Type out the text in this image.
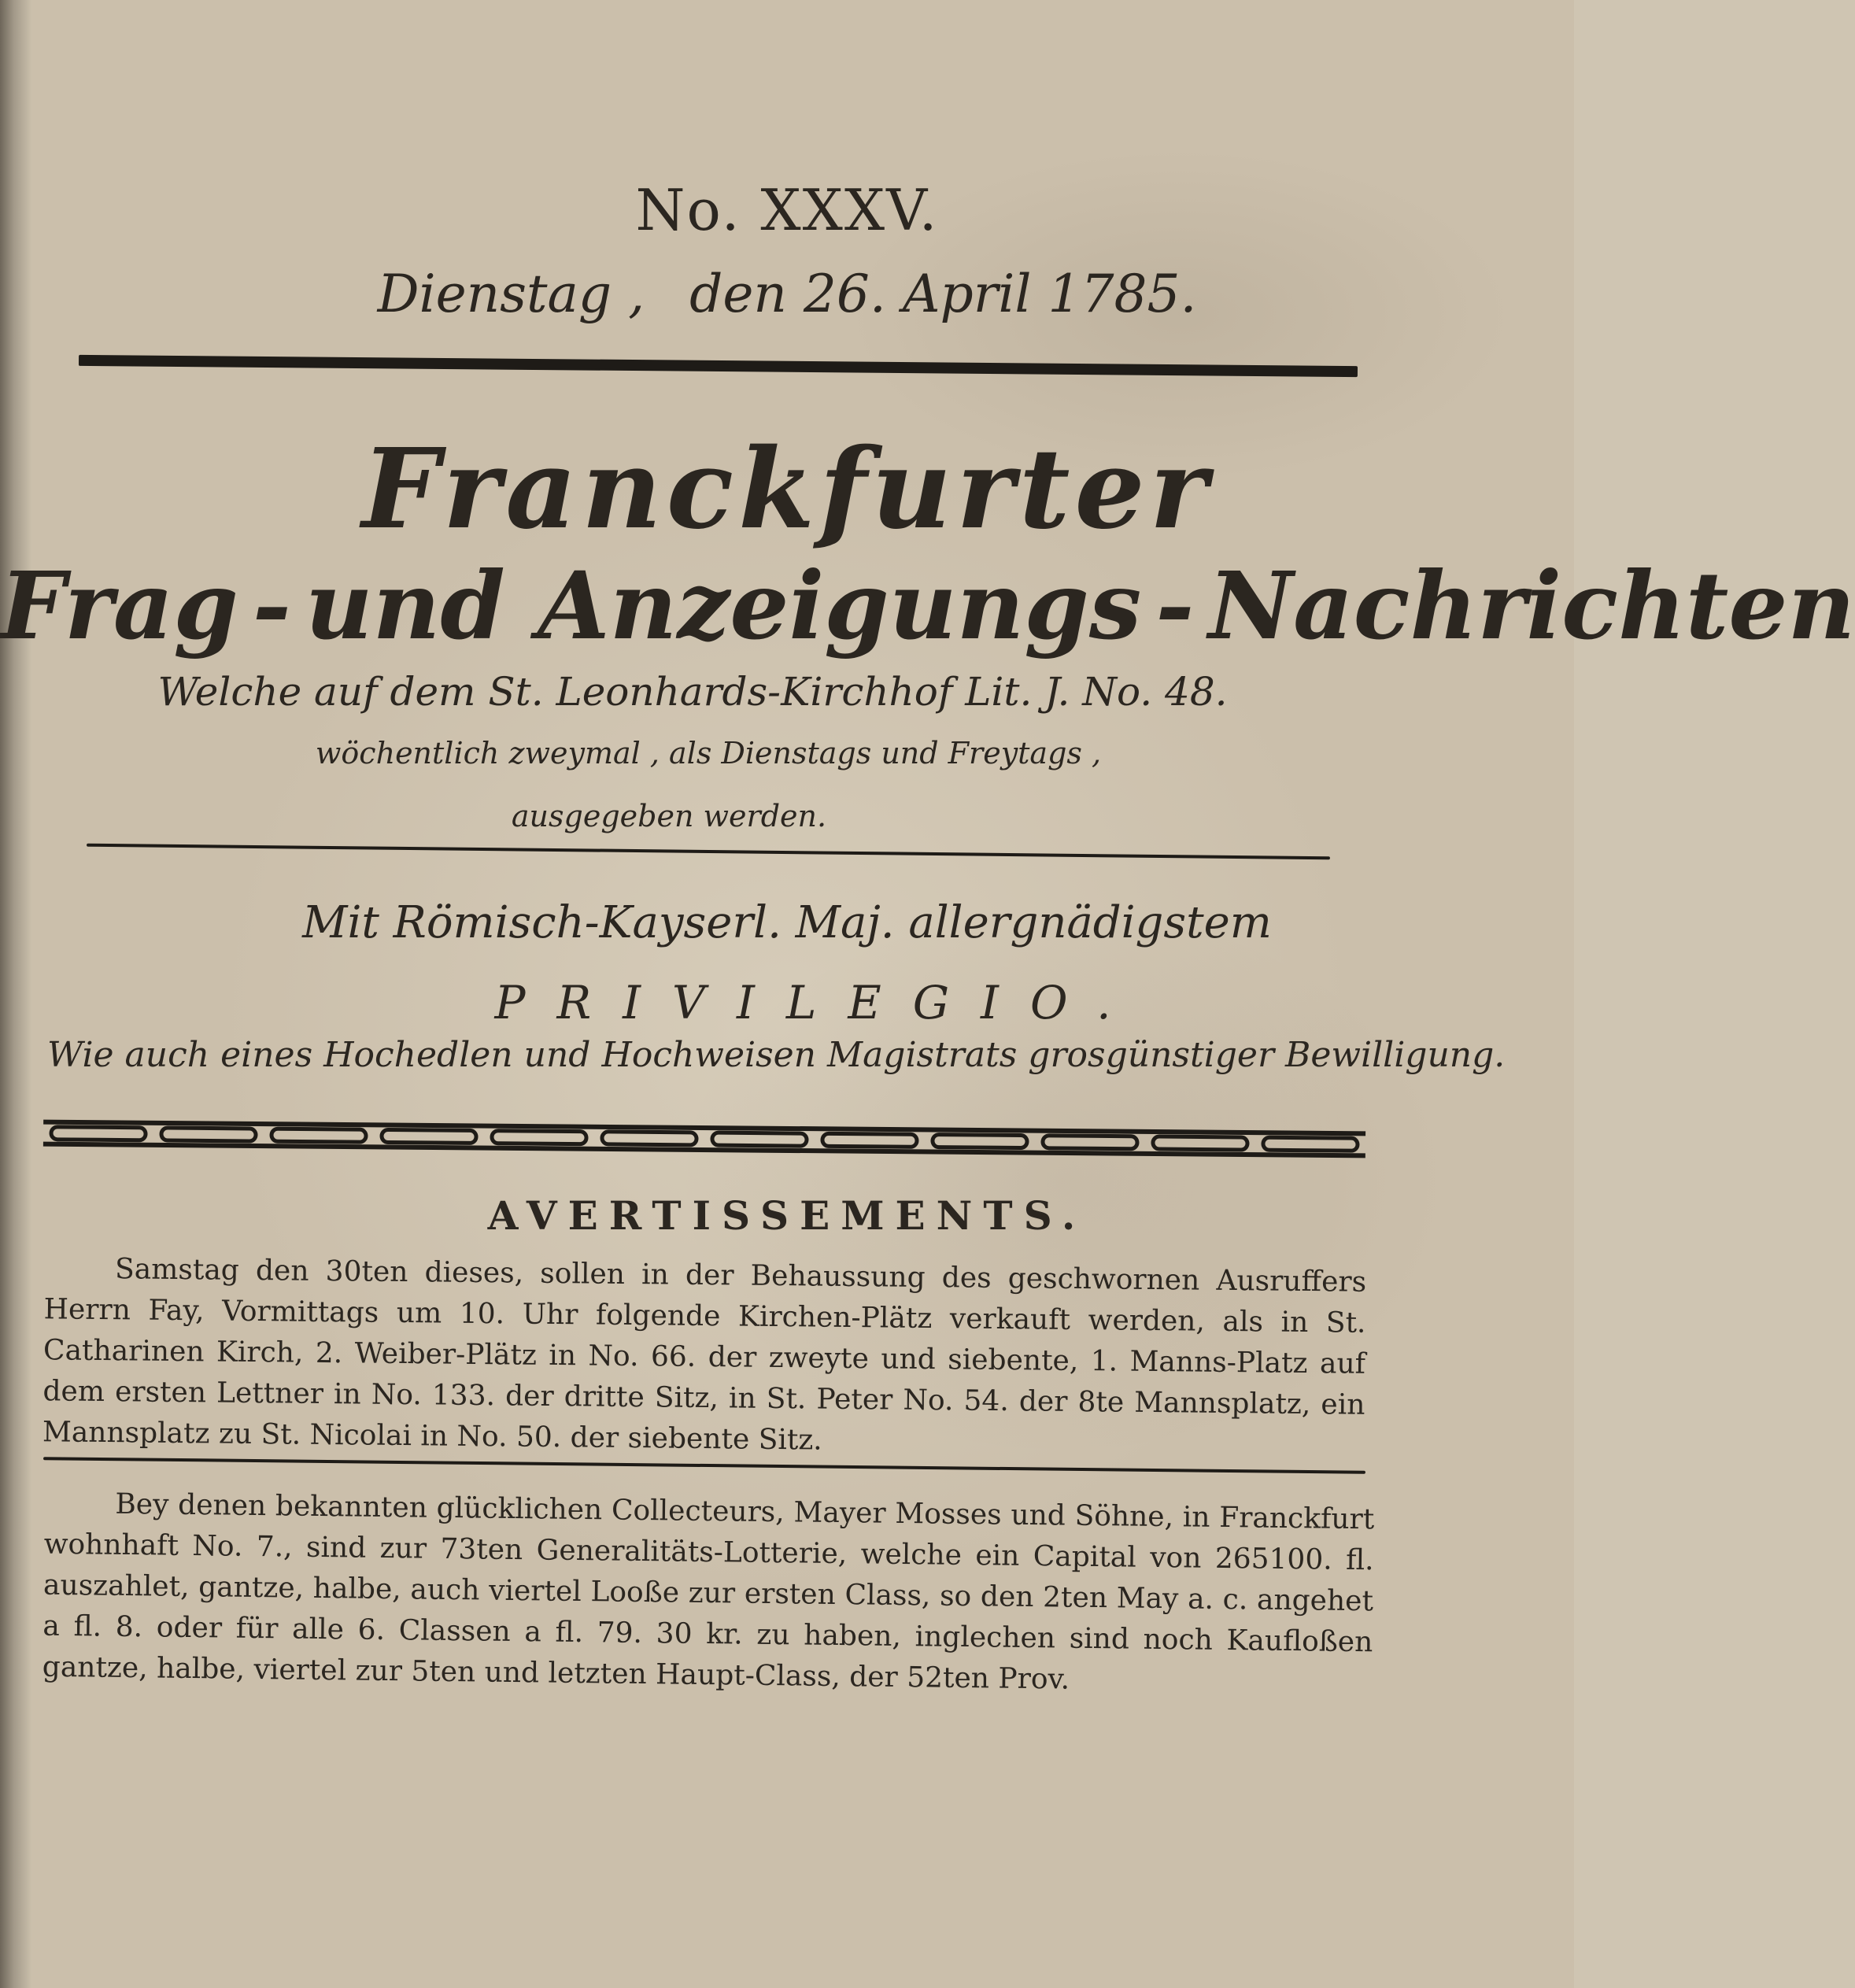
No. XXXV.
Dienstag , den 26. April 1785.
Franckfurter
Frag - und Anzeigungs - Nachrichten
Welche auf dem St. Leonhards-Kirchhof Lit. J. No. 48.
wöchentlich zweymal , als Dienstags und Freytags ,
ausgegeben werden.
Mit Römisch-Kayserl. Maj. allergnädigstem
PRIVILEGIO.
Wie auch eines Hochedlen und Hochweisen Magistrats grosgünstiger Bewilligung.
AVERTISSEMENTS.
Samstag den 30ten dieses, sollen in der Behaussung des geschwornen Ausruffers Herrn Fay, Vormittags um 10. Uhr folgende Kirchen-Plätz verkauft werden, als in St. Catharinen Kirch, 2. Weiber-Plätz in No. 66. der zweyte und siebente, 1. Manns-Platz auf dem ersten Lettner in No. 133. der dritte Sitz, in St. Peter No. 54. der 8te Mannsplatz, ein Mannsplatz zu St. Nicolai in No. 50. der siebente Sitz.
Bey denen bekannten glücklichen Collecteurs, Mayer Mosses und Söhne, in Franckfurt wohnhaft No. 7., sind zur 73ten Generalitäts-Lotterie, welche ein Capital von 265100. fl. auszahlet, gantze, halbe, auch viertel Looße zur ersten Class, so den 2ten May a. c. angehet a fl. 8. oder für alle 6. Classen a fl. 79. 30 kr. zu haben, inglechen sind noch Kaufloßen gantze, halbe, viertel zur 5ten und letzten Haupt-Class, der 52ten Prov.
